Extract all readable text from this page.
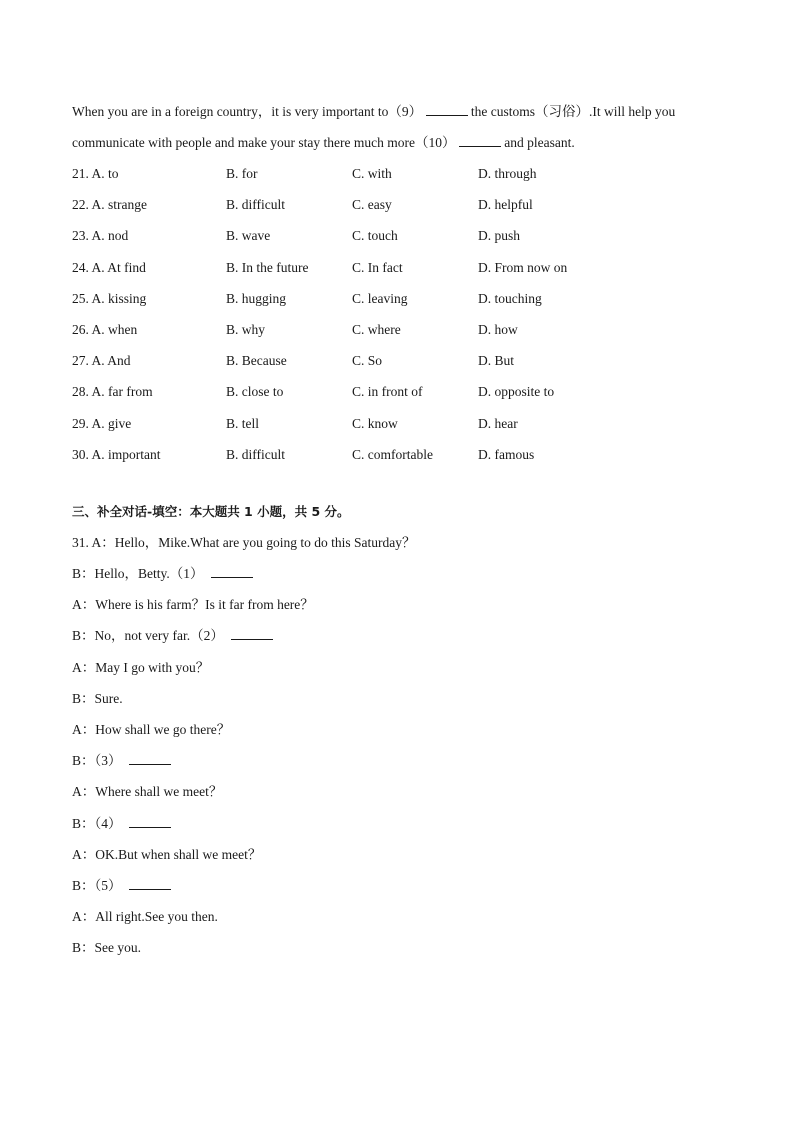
When you are in a foreign country，it is very important to（9）	the customs（习俗）.It will help you
communicate with people and make your stay there much more（10）	and pleasant.
21. A. to	B. for	C. with	D. through
22. A. strange	B. difficult	C. easy	D. helpful
23. A. nod	B. wave	C. touch	D. push
24. A. At find	B. In the future	C. In fact	D. From now on
25. A. kissing	B. hugging	C. leaving	D. touching
26. A. when	B. why	C. where	D. how
27. A. And	B. Because	C. So	D. But
28. A. far from	B. close to	C. in front of	D. opposite to
29. A. give	B. tell	C. know	D. hear
30. A. important	B. difficult	C. comfortable	D. famous
三、补全对话-填空：本大题共 1 小题，共 5 分。
31. A：Hello，Mike.What are you going to do this Saturday？
B：Hello，Betty.（1）
A：Where is his farm？Is it far from here？
B：No，not very far.（2）
A：May I go with you？
B：Sure.
A：How shall we go there？
B：（3）
A：Where shall we meet？
B：（4）
A：OK.But when shall we meet？
B：（5）
A：All right.See you then.
B：See you.
